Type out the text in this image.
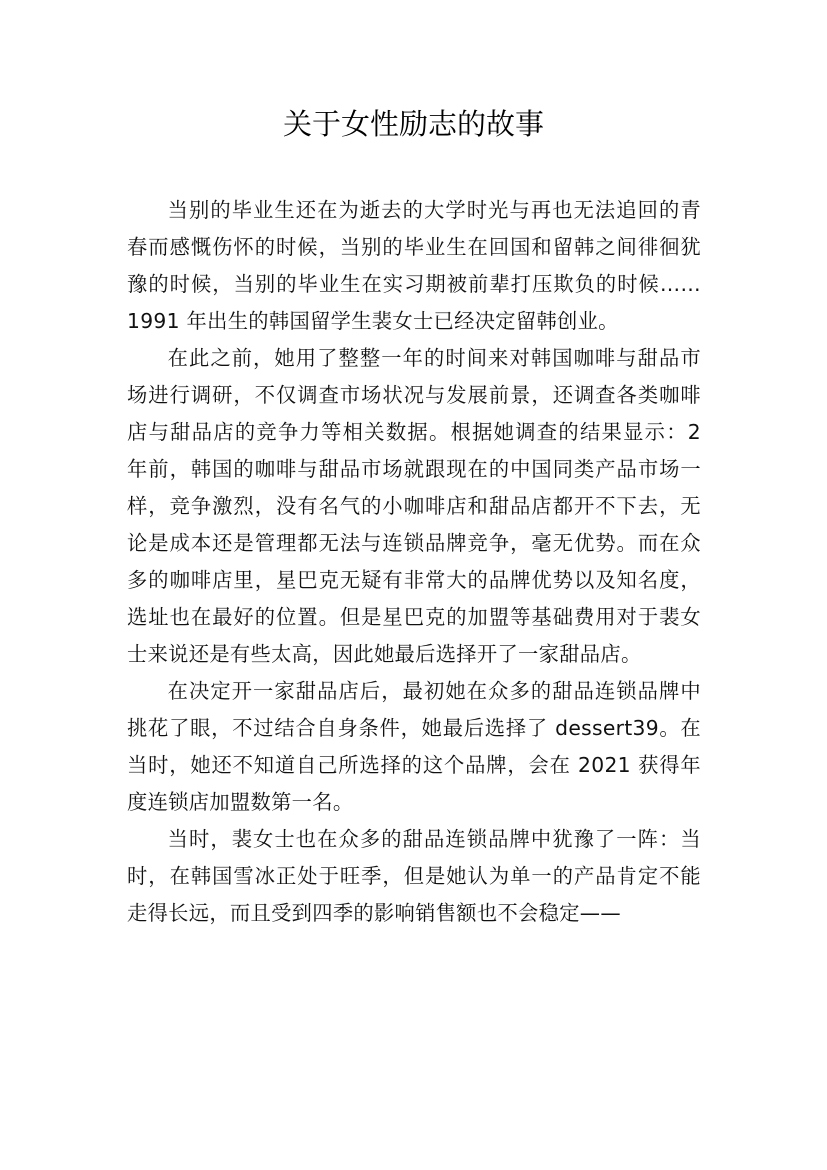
关于女性励志的故事

当别的毕业生还在为逝去的大学时光与再也无法追回的青春而感慨伤怀的时候，当别的毕业生在回国和留韩之间徘徊犹豫的时候，当别的毕业生在实习期被前辈打压欺负的时候……1991 年出生的韩国留学生裴女士已经决定留韩创业。

在此之前，她用了整整一年的时间来对韩国咖啡与甜品市场进行调研，不仅调查市场状况与发展前景，还调查各类咖啡店与甜品店的竞争力等相关数据。根据她调查的结果显示：2 年前，韩国的咖啡与甜品市场就跟现在的中国同类产品市场一样，竞争激烈，没有名气的小咖啡店和甜品店都开不下去，无论是成本还是管理都无法与连锁品牌竞争，毫无优势。而在众多的咖啡店里，星巴克无疑有非常大的品牌优势以及知名度，选址也在最好的位置。但是星巴克的加盟等基础费用对于裴女士来说还是有些太高，因此她最后选择开了一家甜品店。

在决定开一家甜品店后，最初她在众多的甜品连锁品牌中挑花了眼，不过结合自身条件，她最后选择了 dessert39。在当时，她还不知道自己所选择的这个品牌，会在 2021 获得年度连锁店加盟数第一名。

当时，裴女士也在众多的甜品连锁品牌中犹豫了一阵：当时，在韩国雪冰正处于旺季，但是她认为单一的产品肯定不能走得长远，而且受到四季的影响销售额也不会稳定——
